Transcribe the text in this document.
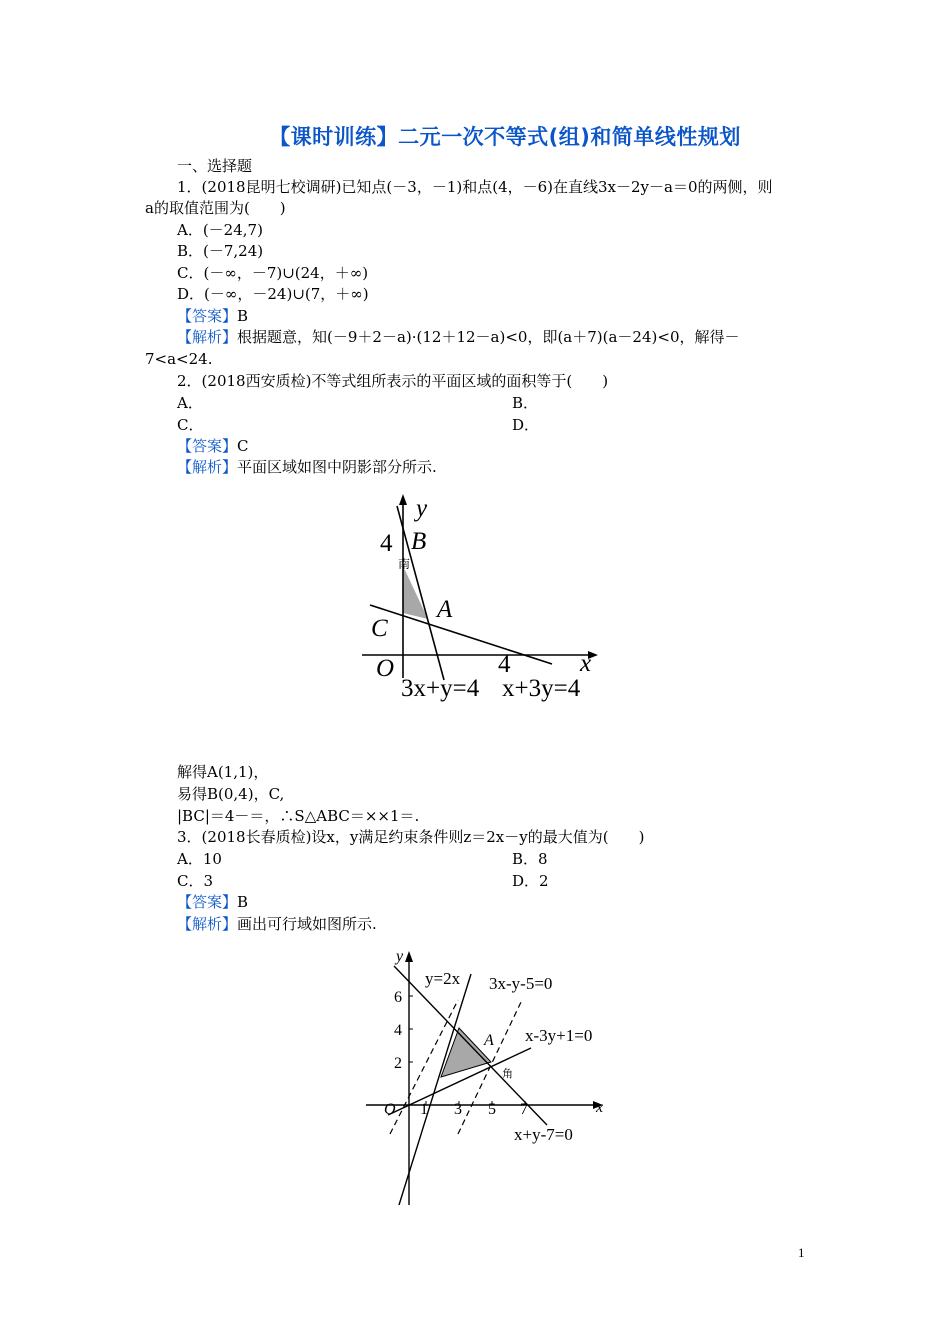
【课时训练】二元一次不等式(组)和简单线性规划
一、选择题
1．(2018昆明七校调研)已知点(－3，－1)和点(4，－6)在直线3x－2y－a＝0的两侧，则
a的取值范围为(　　)
A．(－24,7)
B．(－7,24)
C．(－∞，－7)∪(24，＋∞)
D．(－∞，－24)∪(7，＋∞)
【答案】B
【解析】根据题意，知(－9＋2－a)·(12＋12－a)<0，即(a＋7)(a－24)<0，解得－
7<a<24.
2．(2018西安质检)不等式组所表示的平面区域的面积等于(　　)
A．	B．
C．	D．
【答案】C
【解析】平面区域如图中阴影部分所示.
y
B
4
南
A
C
O	4	x
3x+y=4 x+3y=4
解得A(1,1)，
易得B(0,4)，C,
|BC|＝4－＝，∴S△ABC＝××1＝.
3．(2018长春质检)设x，y满足约束条件则z＝2x－y的最大值为(　　)
A．10	B．8
C．3	D．2
【答案】B
【解析】画出可行域如图所示.
y
y=2x 3x-y-5=0
6
4	x-3y+1=0
A
2
角
O 1 3 5 7	x
x+y-7=0
1
